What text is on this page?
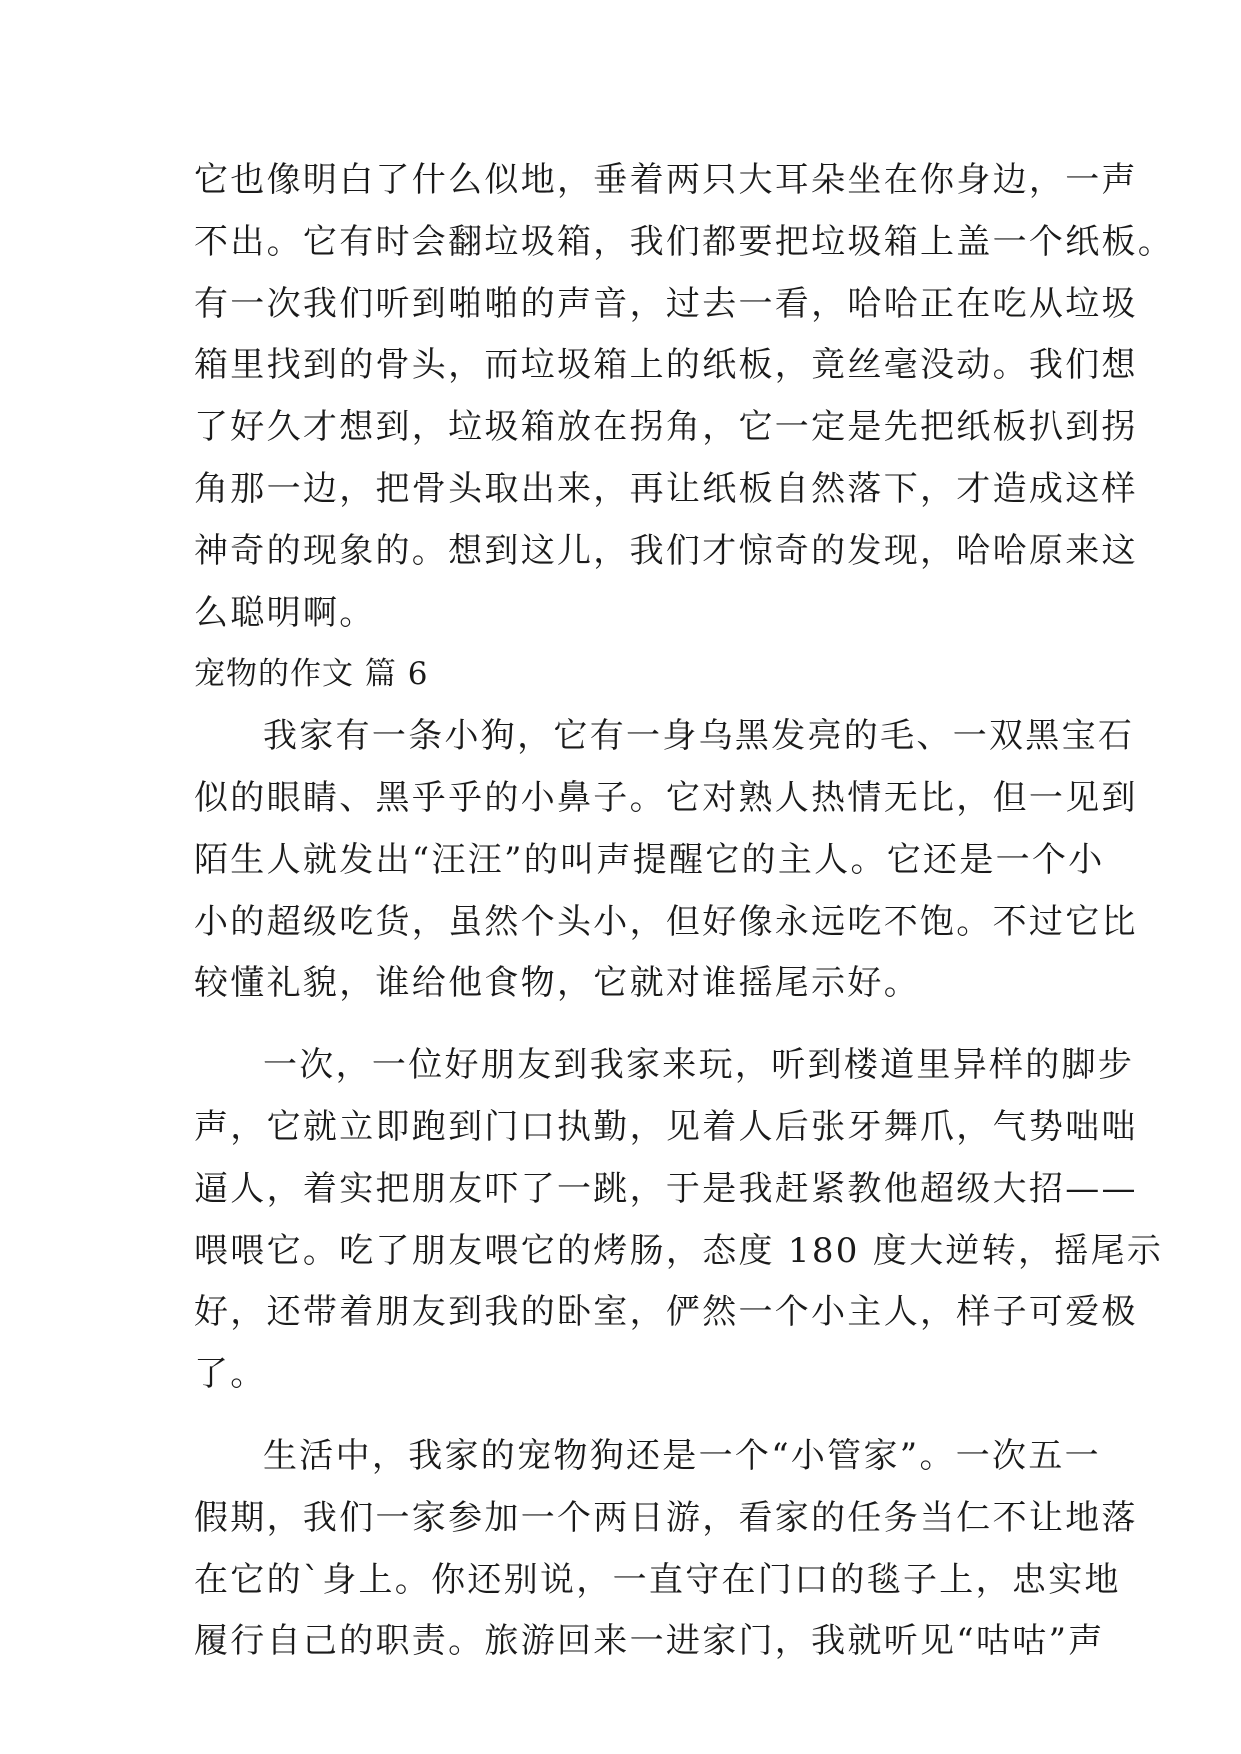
它也像明白了什么似地，垂着两只大耳朵坐在你身边，一声
不出。它有时会翻垃圾箱，我们都要把垃圾箱上盖一个纸板。
有一次我们听到啪啪的声音，过去一看，哈哈正在吃从垃圾
箱里找到的骨头，而垃圾箱上的纸板，竟丝毫没动。我们想
了好久才想到，垃圾箱放在拐角，它一定是先把纸板扒到拐
角那一边，把骨头取出来，再让纸板自然落下，才造成这样
神奇的现象的。想到这儿，我们才惊奇的发现，哈哈原来这
么聪明啊。
宠物的作文 篇 6
我家有一条小狗，它有一身乌黑发亮的毛、一双黑宝石
似的眼睛、黑乎乎的小鼻子。它对熟人热情无比，但一见到
陌生人就发出“汪汪”的叫声提醒它的主人。它还是一个小
小的超级吃货，虽然个头小，但好像永远吃不饱。不过它比
较懂礼貌，谁给他食物，它就对谁摇尾示好。
一次，一位好朋友到我家来玩，听到楼道里异样的脚步
声，它就立即跑到门口执勤，见着人后张牙舞爪，气势咄咄
逼人，着实把朋友吓了一跳，于是我赶紧教他超级大招——
喂喂它。吃了朋友喂它的烤肠，态度 180 度大逆转，摇尾示
好，还带着朋友到我的卧室，俨然一个小主人，样子可爱极
了。
生活中，我家的宠物狗还是一个“小管家”。一次五一
假期，我们一家参加一个两日游，看家的任务当仁不让地落
在它的`身上。你还别说，一直守在门口的毯子上，忠实地
履行自己的职责。旅游回来一进家门，我就听见“咕咕”声
